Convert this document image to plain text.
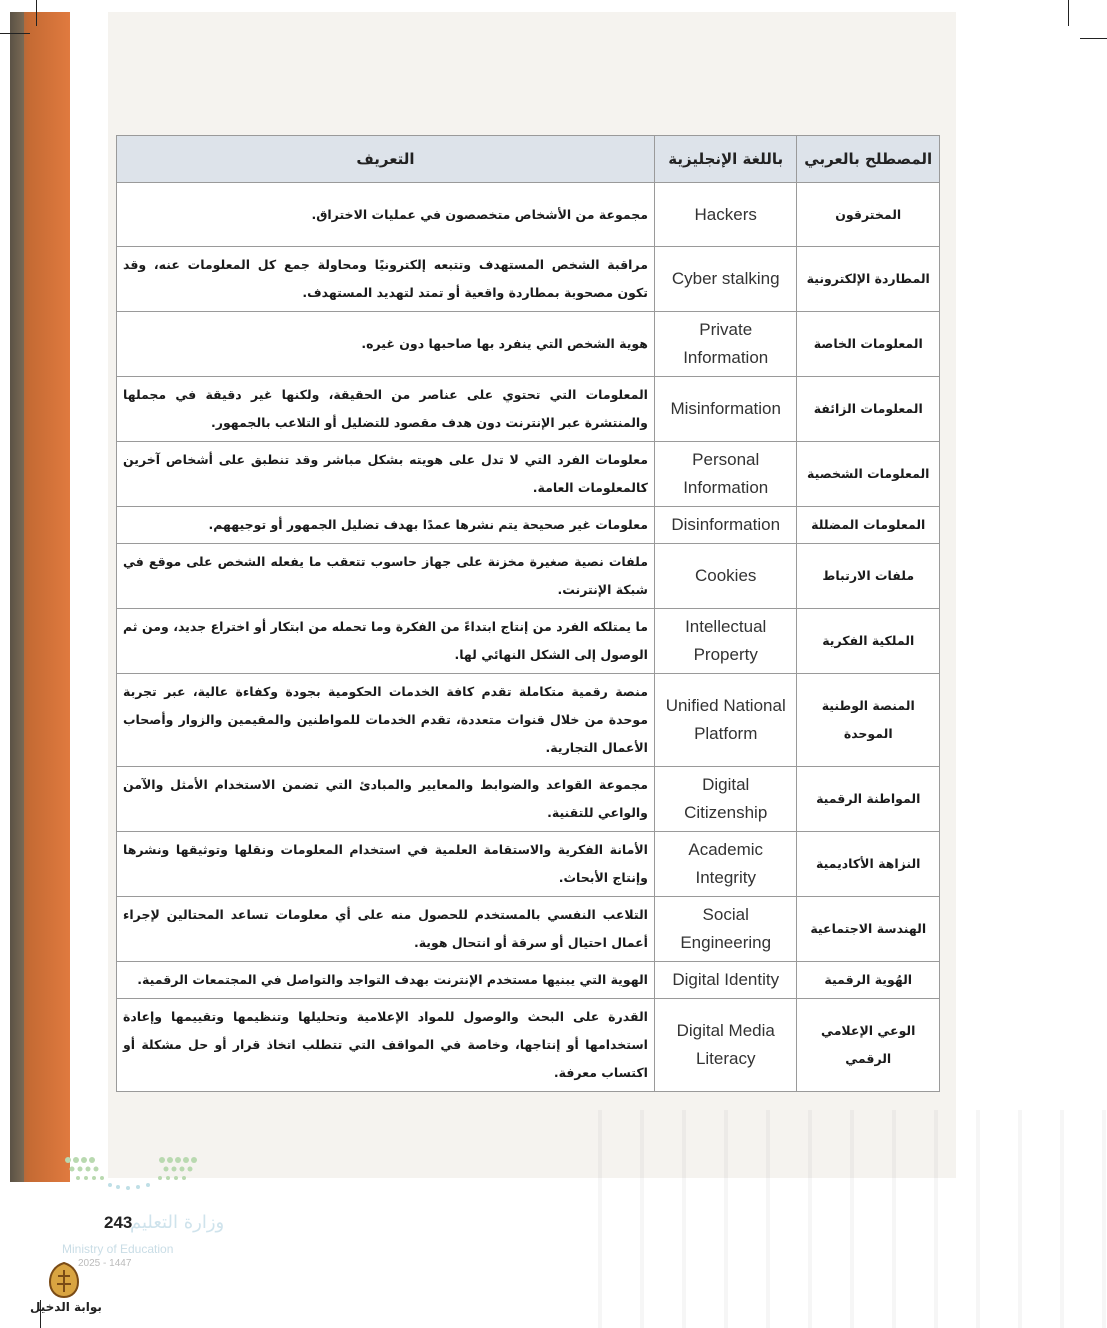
التعريف	باللغة الإنجليزية	المصطلح بالعربي
مجموعة من الأشخاص متخصصون في عمليات الاختراق.	Hackers	المخترقون
مراقبة الشخص المستهدف وتتبعه إلكترونيًا ومحاولة جمع كل المعلومات عنه، وقد تكون مصحوبة بمطاردة واقعية أو تمتد لتهديد المستهدف.	Cyber stalking	المطاردة الإلكترونية
هوية الشخص التي ينفرد بها صاحبها دون غيره.	Private Information	المعلومات الخاصة
المعلومات التي تحتوي على عناصر من الحقيقة، ولكنها غير دقيقة في مجملها والمنتشرة عبر الإنترنت دون هدف مقصود للتضليل أو التلاعب بالجمهور.	Misinformation	المعلومات الزائفة
معلومات الفرد التي لا تدل على هويته بشكل مباشر وقد تنطبق على أشخاص آخرين كالمعلومات العامة.	Personal Information	المعلومات الشخصية
معلومات غير صحيحة يتم نشرها عمدًا بهدف تضليل الجمهور أو توجيههم.	Disinformation	المعلومات المضللة
ملفات نصية صغيرة مخزنة على جهاز حاسوب تتعقب ما يفعله الشخص على موقع في شبكة الإنترنت.	Cookies	ملفات الارتباط
ما يمتلكه الفرد من إنتاج ابتداءً من الفكرة وما تحمله من ابتكار أو اختراع جديد، ومن ثم الوصول إلى الشكل النهائي لها.	Intellectual Property	الملكية الفكرية
منصة رقمية متكاملة تقدم كافة الخدمات الحكومية بجودة وكفاءة عالية، عبر تجربة موحدة من خلال قنوات متعددة، تقدم الخدمات للمواطنين والمقيمين والزوار وأصحاب الأعمال التجارية.	Unified National Platform	المنصة الوطنية الموحدة
مجموعة القواعد والضوابط والمعايير والمبادئ التي تضمن الاستخدام الأمثل والآمن والواعي للتقنية.	Digital Citizenship	المواطنة الرقمية
الأمانة الفكرية والاستقامة العلمية في استخدام المعلومات ونقلها وتوثيقها ونشرها وإنتاج الأبحاث.	Academic Integrity	النزاهة الأكاديمية
التلاعب النفسي بالمستخدم للحصول منه على أي معلومات تساعد المحتالين لإجراء أعمال احتيال أو سرقة أو انتحال هوية.	Social Engineering	الهندسة الاجتماعية
الهوية التي يبنيها مستخدم الإنترنت بهدف التواجد والتواصل في المجتمعات الرقمية.	Digital Identity	الهُوية الرقمية
القدرة على البحث والوصول للمواد الإعلامية وتحليلها وتنظيمها وتقييمها وإعادة استخدامها أو إنتاجها، وخاصة في المواقف التي تتطلب اتخاذ قرار أو حل مشكلة أو اكتساب معرفة.	Digital Media Literacy	الوعي الإعلامي الرقمي
وزارة التعليم
243
Ministry of Education
2025 - 1447
بوابة الدخيل
